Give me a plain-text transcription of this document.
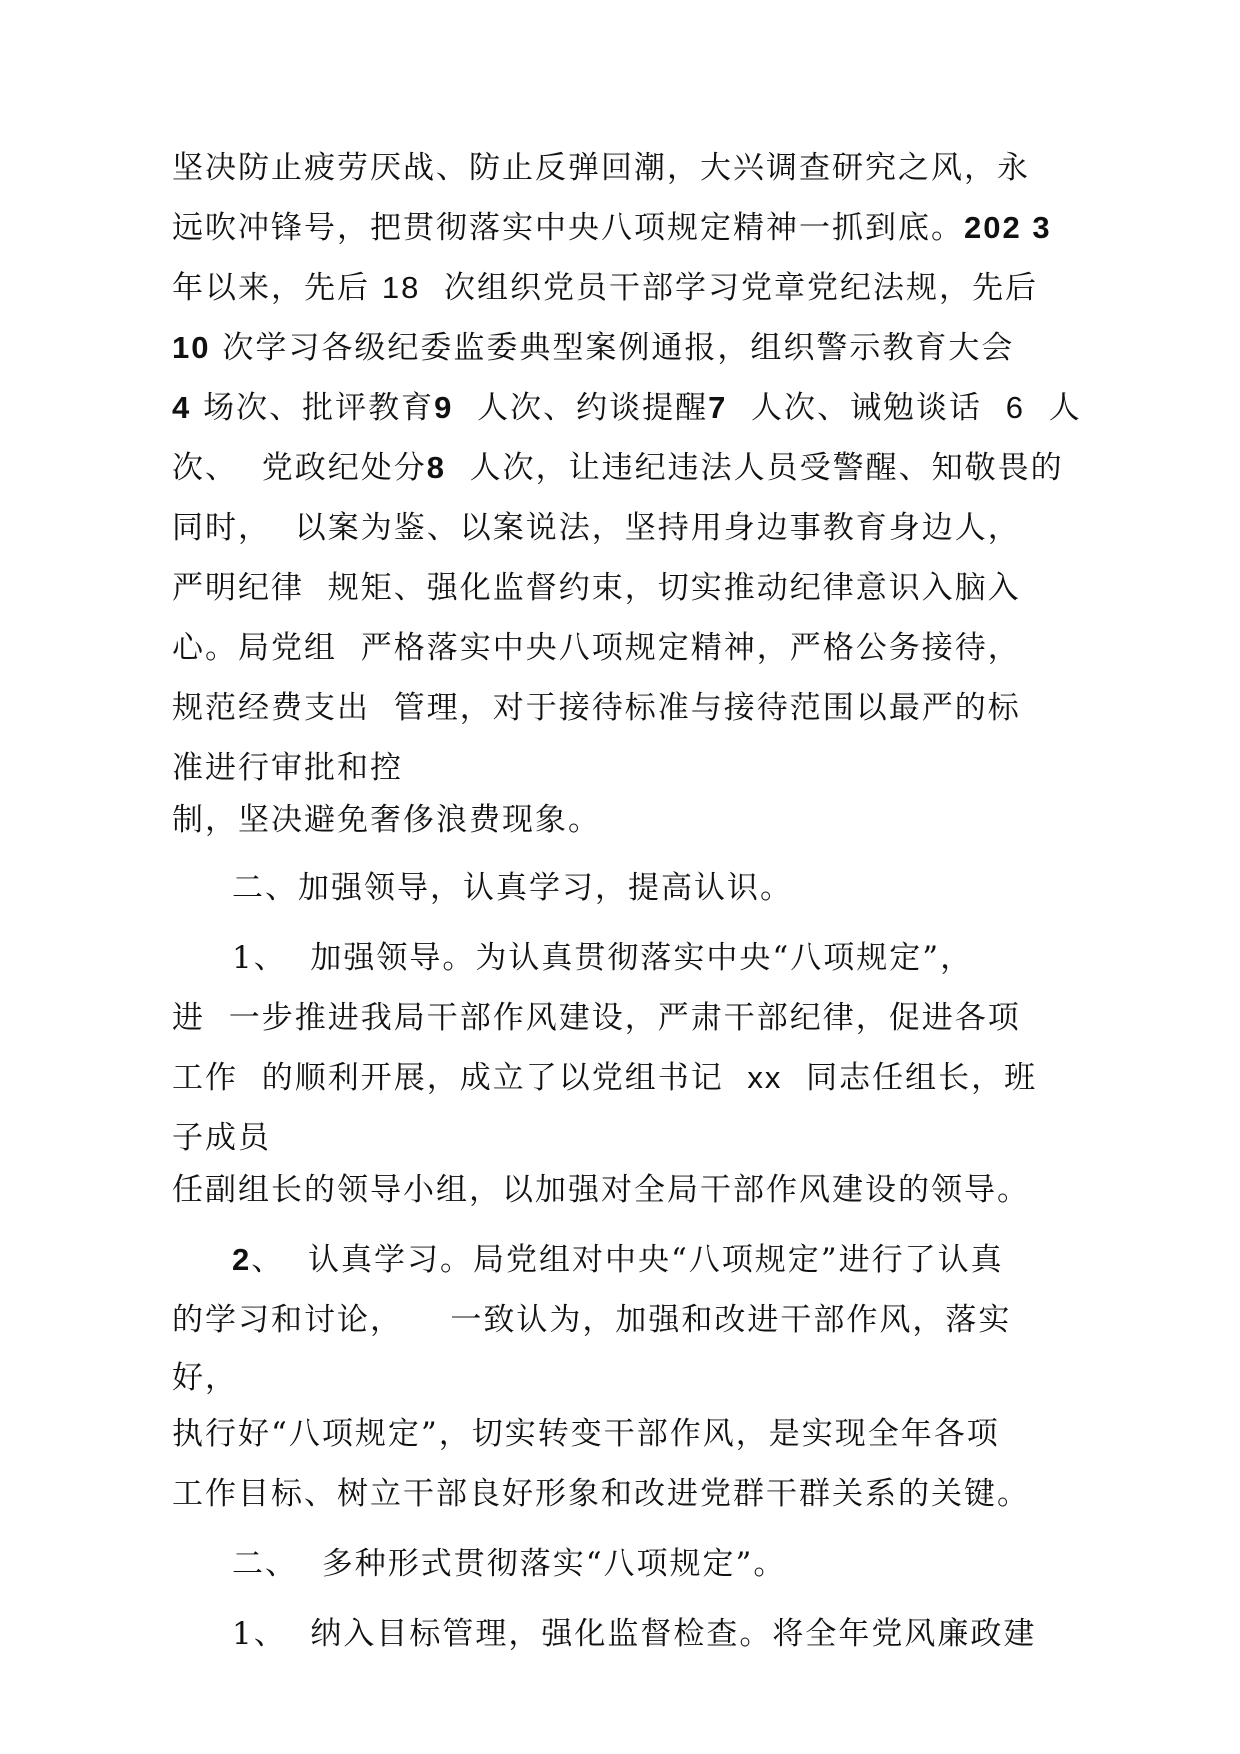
坚决防止疲劳厌战、防止反弹回潮，大兴调查研究之风，永
远吹冲锋号，把贯彻落实中央八项规定精神一抓到底。202 3
年以来，先后 18  次组织党员干部学习党章党纪法规，先后
10 次学习各级纪委监委典型案例通报，组织警示教育大会
4 场次、批评教育9  人次、约谈提醒7  人次、诫勉谈话  6  人
次、  党政纪处分8  人次，让违纪违法人员受警醒、知敬畏的
同时，  以案为鉴、以案说法，坚持用身边事教育身边人，
严明纪律  规矩、强化监督约束，切实推动纪律意识入脑入
心。局党组  严格落实中央八项规定精神，严格公务接待，
规范经费支出  管理，对于接待标准与接待范围以最严的标
准进行审批和控
制，坚决避免奢侈浪费现象。
二、加强领导，认真学习，提高认识。
1、  加强领导。为认真贯彻落实中央“八项规定”，
进  一步推进我局干部作风建设，严肃干部纪律，促进各项
工作  的顺利开展，成立了以党组书记  xx  同志任组长，班
子成员
任副组长的领导小组，以加强对全局干部作风建设的领导。
2、  认真学习。局党组对中央“八项规定”进行了认真
的学习和讨论，    一致认为，加强和改进干部作风，落实
好，
执行好“八项规定”，切实转变干部作风，是实现全年各项
工作目标、树立干部良好形象和改进党群干群关系的关键。
二、  多种形式贯彻落实“八项规定”。
1、  纳入目标管理，强化监督检查。将全年党风廉政建
